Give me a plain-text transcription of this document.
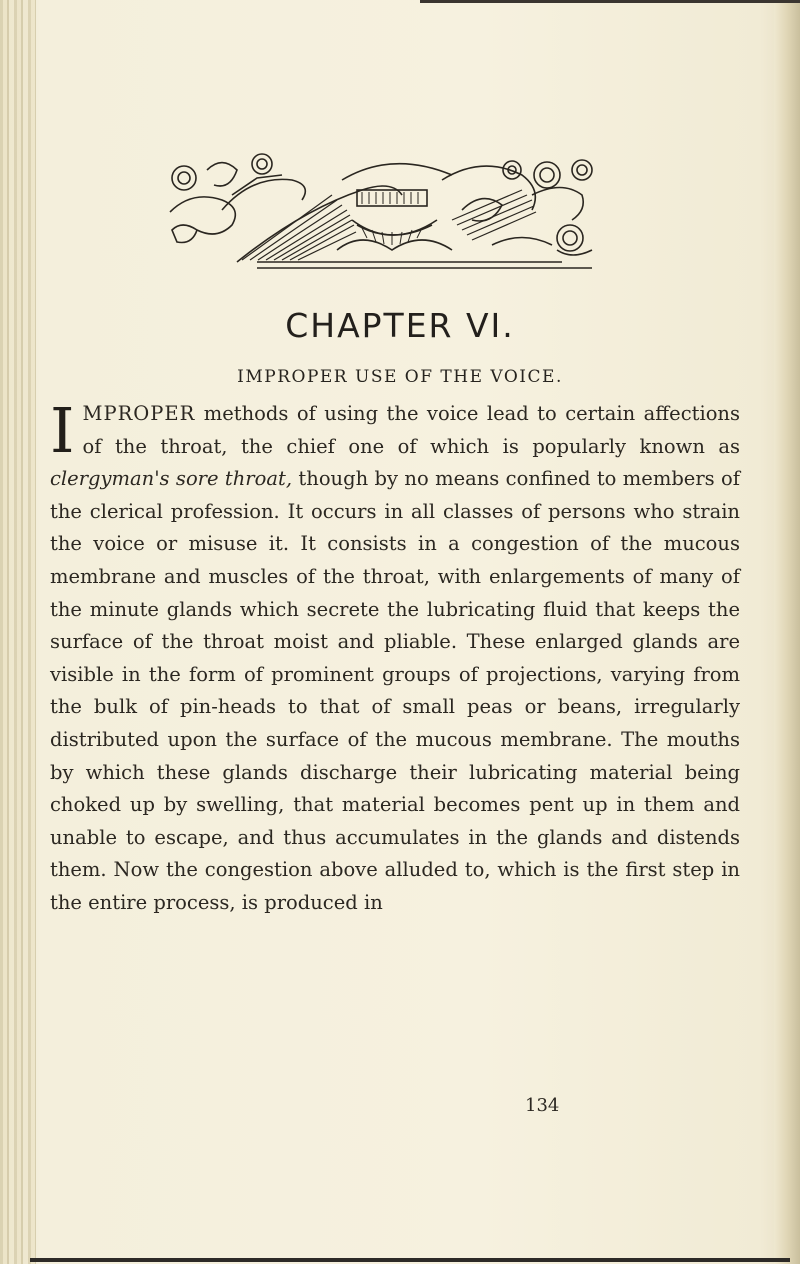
CHAPTER VI.
IMPROPER USE OF THE VOICE.

IMPROPER methods of using the voice lead to certain affections of the throat, the chief one of which is popularly known as clergyman's sore throat, though by no means confined to members of the clerical profession. It occurs in all classes of persons who strain the voice or misuse it. It consists in a congestion of the mucous membrane and muscles of the throat, with enlargements of many of the minute glands which secrete the lubricating fluid that keeps the surface of the throat moist and pliable. These enlarged glands are visible in the form of prominent groups of projections, varying from the bulk of pin-heads to that of small peas or beans, irregularly distributed upon the surface of the mucous membrane. The mouths by which these glands discharge their lubricating material being choked up by swelling, that material becomes pent up in them and unable to escape, and thus accumulates in the glands and distends them. Now the congestion above alluded to, which is the first step in the entire process, is produced in

134
